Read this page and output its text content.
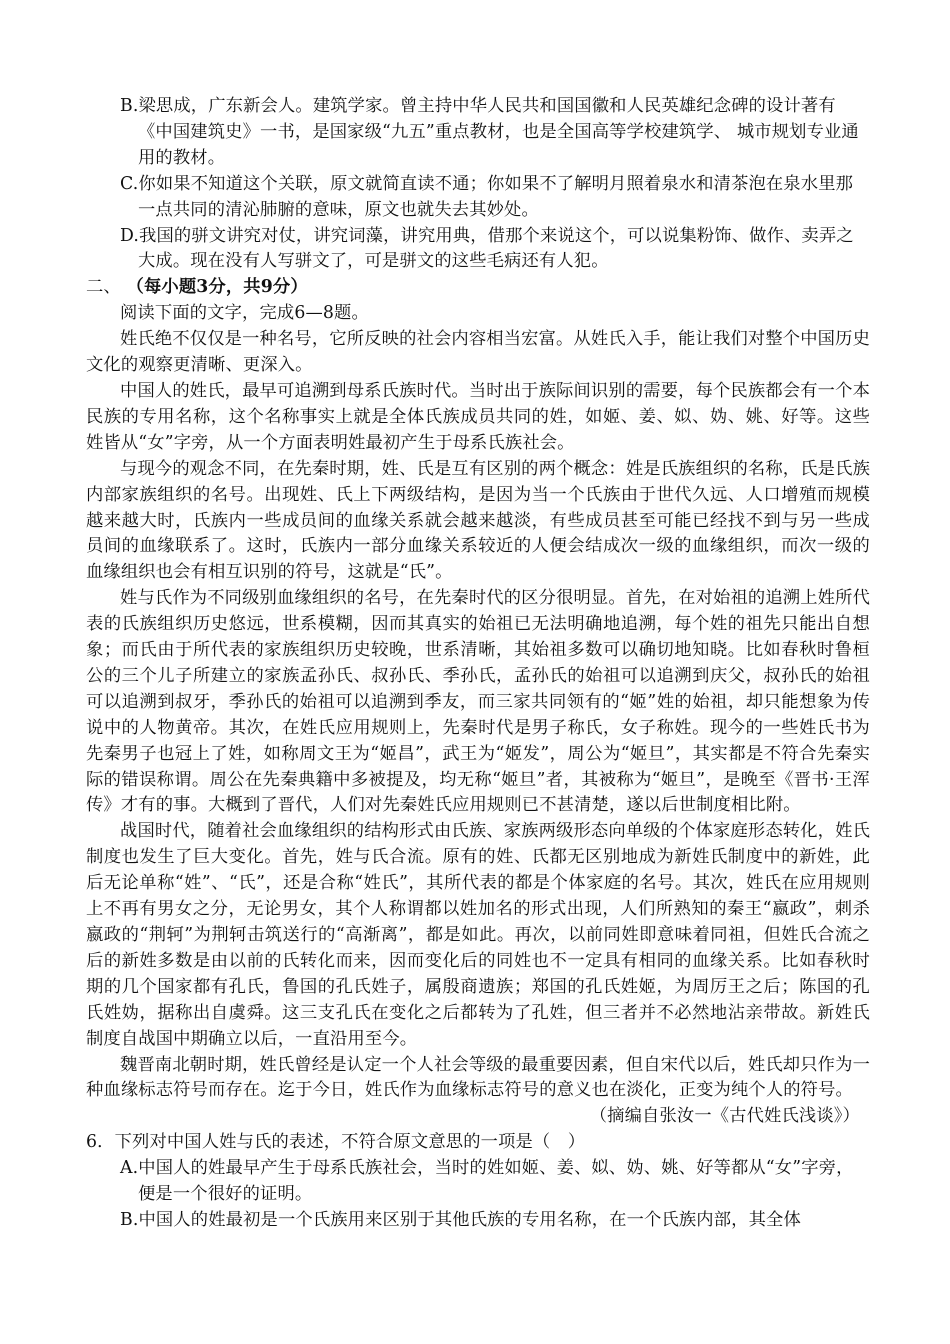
B.梁思成，广东新会人。建筑学家。曾主持中华人民共和国国徽和人民英雄纪念碑的设计著有《中国建筑史》一书，是国家级“九五”重点教材，也是全国高等学校建筑学、 城市规划专业通用的教材。

C.你如果不知道这个关联，原文就简直读不通；你如果不了解明月照着泉水和清茶泡在泉水里那一点共同的清沁肺腑的意味，原文也就失去其妙处。

D.我国的骈文讲究对仗，讲究词藻，讲究用典，借那个来说这个，可以说集粉饰、做作、卖弄之大成。现在没有人写骈文了，可是骈文的这些毛病还有人犯。

二、 （每小题3分，共9分）

阅读下面的文字，完成6—8题。

姓氏绝不仅仅是一种名号，它所反映的社会内容相当宏富。从姓氏入手，能让我们对整个中国历史文化的观察更清晰、更深入。

中国人的姓氏，最早可追溯到母系氏族时代。当时出于族际间识别的需要，每个民族都会有一个本民族的专用名称，这个名称事实上就是全体氏族成员共同的姓，如姬、姜、姒、妫、姚、好等。这些姓皆从“女”字旁，从一个方面表明姓最初产生于母系氏族社会。

与现今的观念不同，在先秦时期，姓、氏是互有区别的两个概念：姓是氏族组织的名称，氏是氏族内部家族组织的名号。出现姓、氏上下两级结构，是因为当一个氏族由于世代久远、人口增殖而规模越来越大时，氏族内一些成员间的血缘关系就会越来越淡，有些成员甚至可能已经找不到与另一些成员间的血缘联系了。这时，氏族内一部分血缘关系较近的人便会结成次一级的血缘组织，而次一级的血缘组织也会有相互识别的符号，这就是“氏”。

姓与氏作为不同级别血缘组织的名号，在先秦时代的区分很明显。首先，在对始祖的追溯上姓所代表的氏族组织历史悠远，世系模糊，因而其真实的始祖已无法明确地追溯，每个姓的祖先只能出自想象；而氏由于所代表的家族组织历史较晚，世系清晰，其始祖多数可以确切地知晓。比如春秋时鲁桓公的三个儿子所建立的家族孟孙氏、叔孙氏、季孙氏，孟孙氏的始祖可以追溯到庆父，叔孙氏的始祖可以追溯到叔牙，季孙氏的始祖可以追溯到季友，而三家共同领有的“姬”姓的始祖，却只能想象为传说中的人物黄帝。其次，在姓氏应用规则上，先秦时代是男子称氏，女子称姓。现今的一些姓氏书为先秦男子也冠上了姓，如称周文王为“姬昌”，武王为“姬发”，周公为“姬旦”，其实都是不符合先秦实际的错误称谓。周公在先秦典籍中多被提及，均无称“姬旦”者，其被称为“姬旦”，是晚至《晋书·王浑传》才有的事。大概到了晋代，人们对先秦姓氏应用规则已不甚清楚，遂以后世制度相比附。

战国时代，随着社会血缘组织的结构形式由氏族、家族两级形态向单级的个体家庭形态转化，姓氏制度也发生了巨大变化。首先，姓与氏合流。原有的姓、氏都无区别地成为新姓氏制度中的新姓，此后无论单称“姓”、“氏”，还是合称“姓氏”，其所代表的都是个体家庭的名号。其次，姓氏在应用规则上不再有男女之分，无论男女，其个人称谓都以姓加名的形式出现，人们所熟知的秦王“嬴政”，刺杀嬴政的“荆轲”为荆轲击筑送行的“高渐离”，都是如此。再次，以前同姓即意味着同祖，但姓氏合流之后的新姓多数是由以前的氏转化而来，因而变化后的同姓也不一定具有相同的血缘关系。比如春秋时期的几个国家都有孔氏，鲁国的孔氏姓子，属殷商遗族；郑国的孔氏姓姬，为周厉王之后；陈国的孔氏姓妫，据称出自虞舜。这三支孔氏在变化之后都转为了孔姓，但三者并不必然地沾亲带故。新姓氏制度自战国中期确立以后，一直沿用至今。

魏晋南北朝时期，姓氏曾经是认定一个人社会等级的最重要因素，但自宋代以后，姓氏却只作为一种血缘标志符号而存在。迄于今日，姓氏作为血缘标志符号的意义也在淡化，正变为纯个人的符号。

（摘编自张汝一《古代姓氏浅谈》）

6．下列对中国人姓与氏的表述，不符合原文意思的一项是（　）

A.中国人的姓最早产生于母系氏族社会，当时的姓如姬、姜、姒、妫、姚、好等都从“女”字旁，便是一个很好的证明。

B.中国人的姓最初是一个氏族用来区别于其他氏族的专用名称，在一个氏族内部，其全体
